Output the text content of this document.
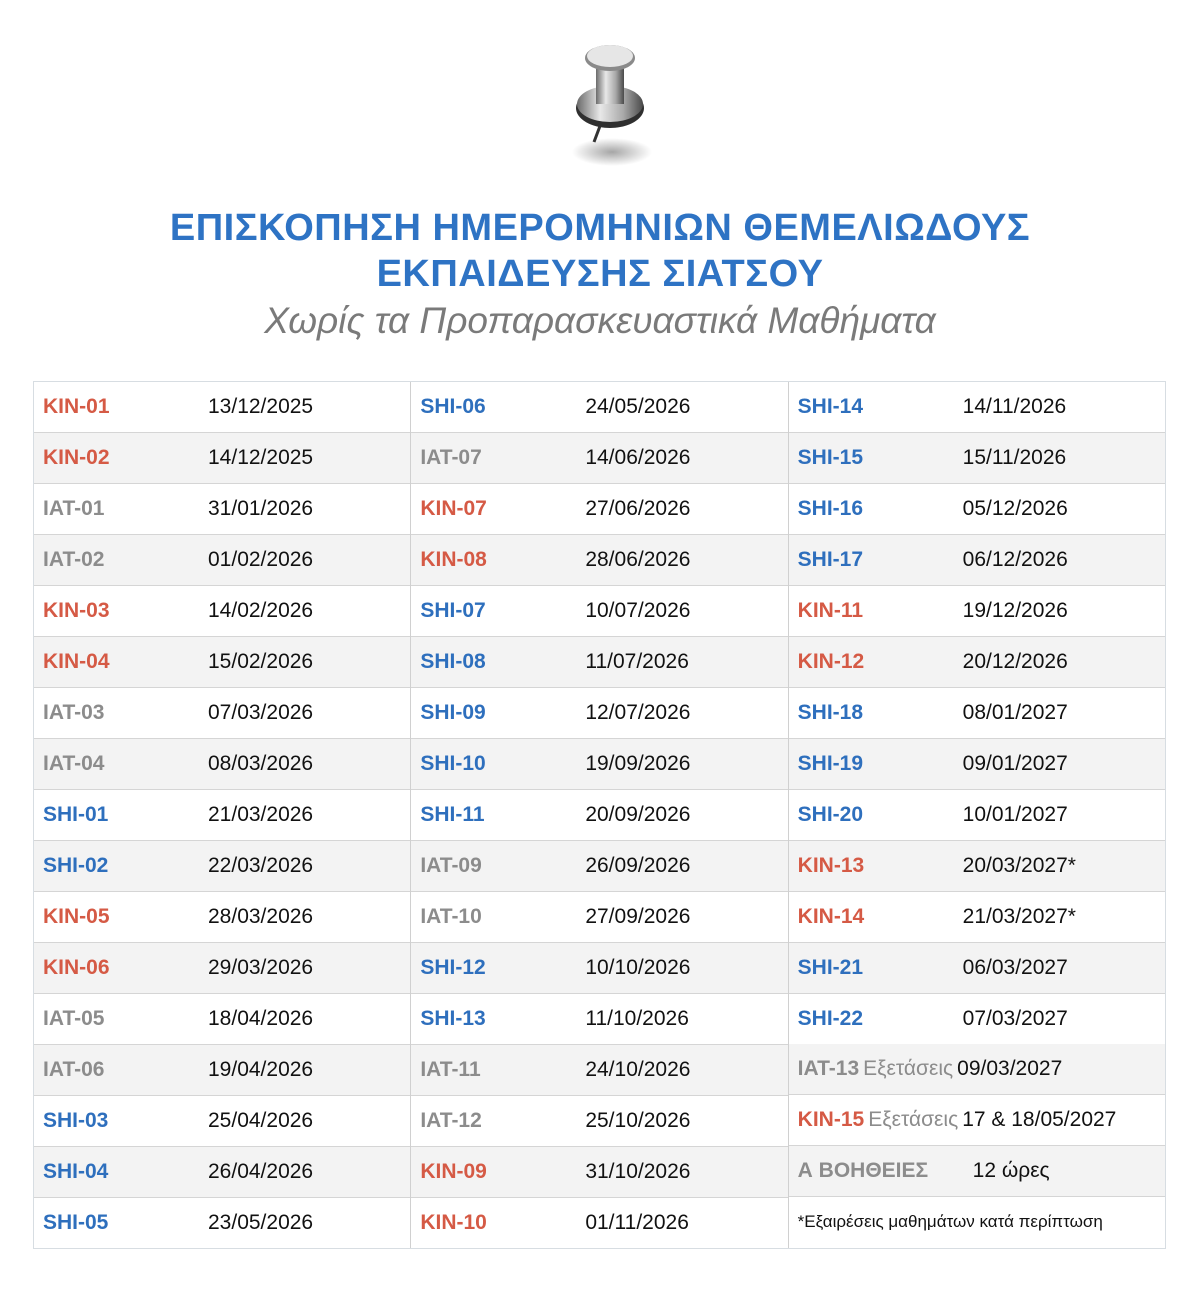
ΕΠΙΣΚΟΠΗΣΗ ΗΜΕΡΟΜΗΝΙΩΝ ΘΕΜΕΛΙΩΔΟΥΣ
ΕΚΠΑΙΔΕΥΣΗΣ ΣΙΑΤΣΟΥ
Χωρίς τα Προπαρασκευαστικά Μαθήματα
KIN-01	13/12/2025
KIN-02	14/12/2025
IAT-01	31/01/2026
IAT-02	01/02/2026
KIN-03	14/02/2026
KIN-04	15/02/2026
IAT-03	07/03/2026
IAT-04	08/03/2026
SHI-01	21/03/2026
SHI-02	22/03/2026
KIN-05	28/03/2026
KIN-06	29/03/2026
IAT-05	18/04/2026
IAT-06	19/04/2026
SHI-03	25/04/2026
SHI-04	26/04/2026
SHI-05	23/05/2026
SHI-06	24/05/2026
IAT-07	14/06/2026
KIN-07	27/06/2026
KIN-08	28/06/2026
SHI-07	10/07/2026
SHI-08	11/07/2026
SHI-09	12/07/2026
SHI-10	19/09/2026
SHI-11	20/09/2026
IAT-09	26/09/2026
IAT-10	27/09/2026
SHI-12	10/10/2026
SHI-13	11/10/2026
IAT-11	24/10/2026
IAT-12	25/10/2026
KIN-09	31/10/2026
KIN-10	01/11/2026
SHI-14	14/11/2026
SHI-15	15/11/2026
SHI-16	05/12/2026
SHI-17	06/12/2026
KIN-11	19/12/2026
KIN-12	20/12/2026
SHI-18	08/01/2027
SHI-19	09/01/2027
SHI-20	10/01/2027
KIN-13	20/03/2027*
KIN-14	21/03/2027*
SHI-21	06/03/2027
SHI-22	07/03/2027
IAT-13 Εξετάσεις 09/03/2027
KIN-15 Εξετάσεις 17 & 18/05/2027
Α ΒΟΗΘΕΙΕΣ	12 ώρες
*Εξαιρέσεις μαθημάτων κατά περίπτωση
